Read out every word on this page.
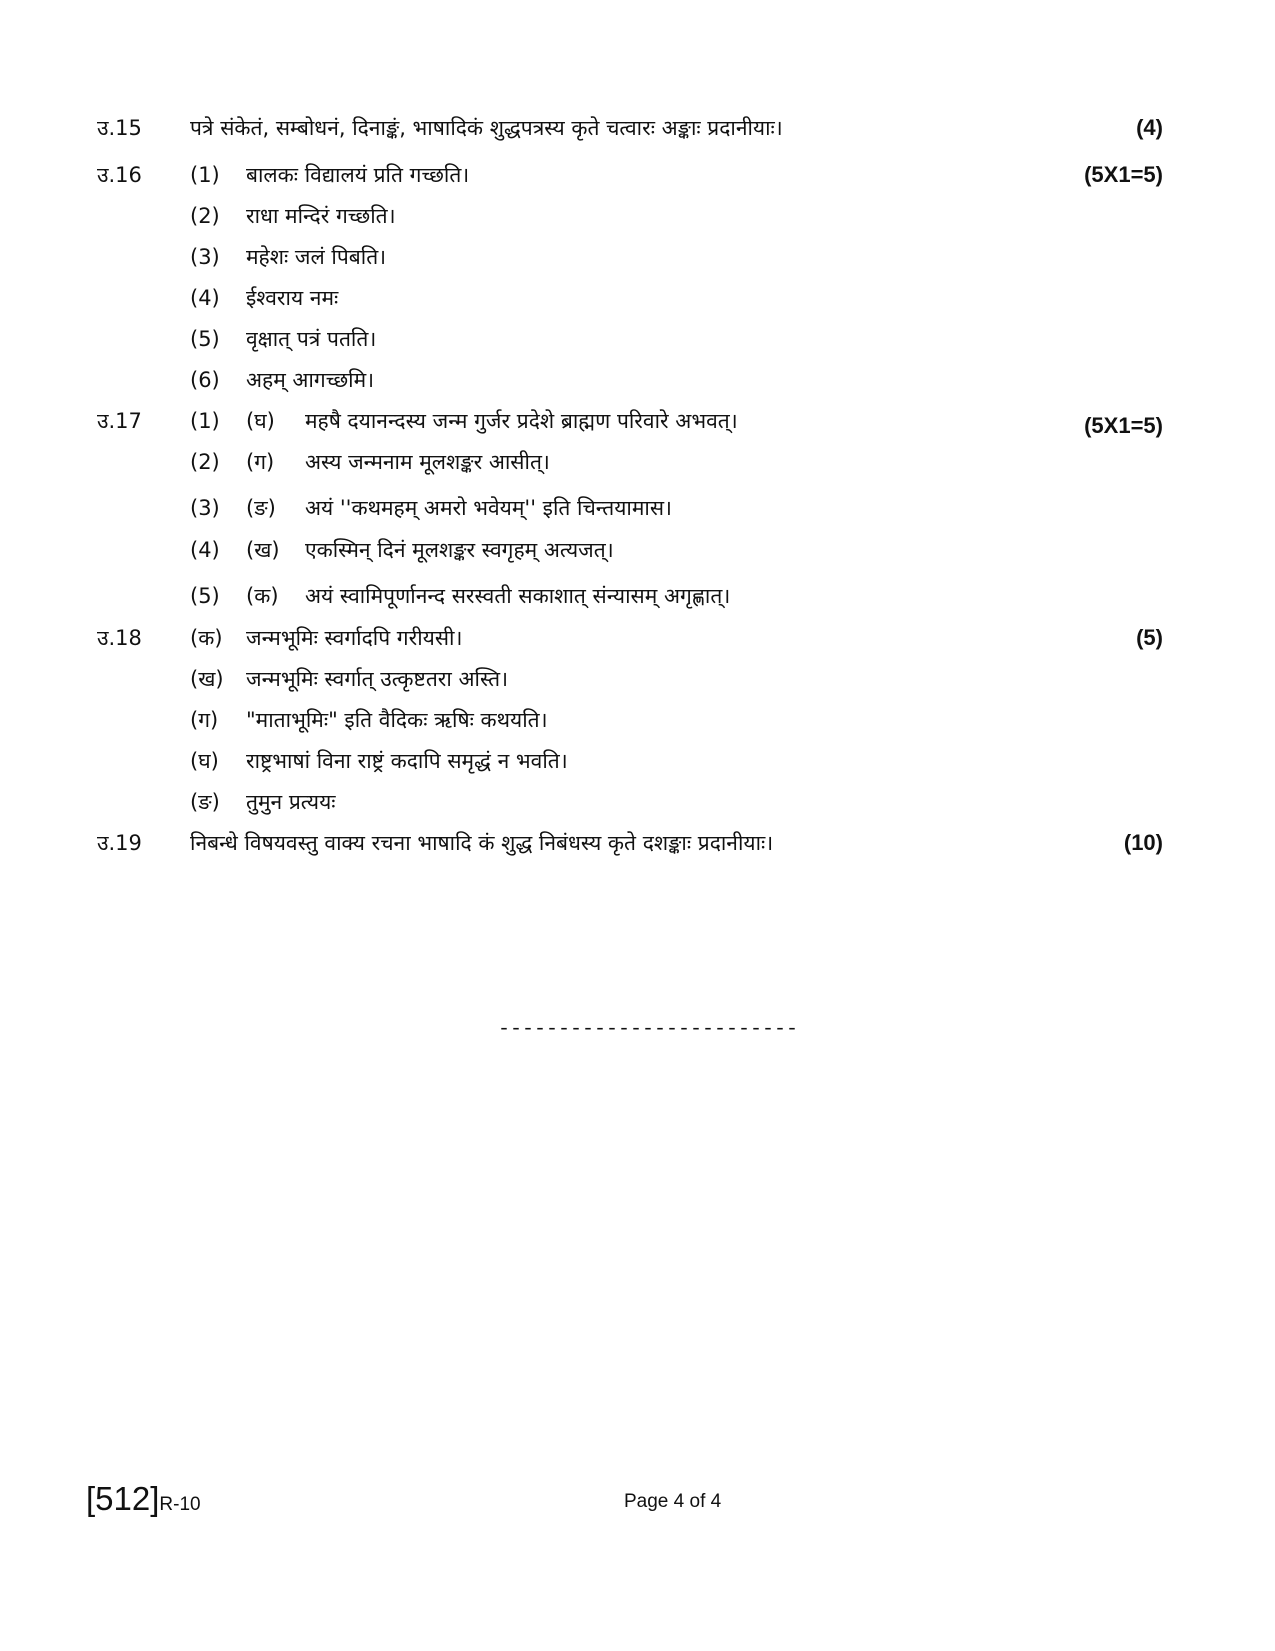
उ.15 पत्रे संकेतं, सम्बोधनं, दिनाङ्कं, भाषादिकं शुद्धपत्रस्य कृते चत्वारः अङ्काः प्रदानीयाः।	(4)
उ.16 (1) बालकः विद्यालयं प्रति गच्छति।	(5X1=5)
(2) राधा मन्दिरं गच्छति।
(3) महेशः जलं पिबति।
(4) ईश्वराय नमः
(5) वृक्षात् पत्रं पतति।
(6) अहम् आगच्छमि।
उ.17 (1) (घ) महषै दयानन्दस्य जन्म गुर्जर प्रदेशे ब्राह्मण परिवारे अभवत्।	(5X1=5)
(2) (ग) अस्य जन्मनाम मूलशङ्कर आसीत्।
(3) (ङ) अयं ''कथमहम् अमरो भवेयम्'' इति चिन्तयामास।
(4) (ख) एकस्मिन् दिनं मूलशङ्कर स्वगृहम् अत्यजत्।
(5) (क) अयं स्वामिपूर्णानन्द सरस्वती सकाशात् संन्यासम् अगृह्णात्।
उ.18 (क) जन्मभूमिः स्वर्गादपि गरीयसी।	(5)
(ख) जन्मभूमिः स्वर्गात् उत्कृष्टतरा अस्ति।
(ग) "माताभूमिः" इति वैदिकः ऋषिः कथयति।
(घ) राष्ट्रभाषां विना राष्ट्रं कदापि समृद्धं न भवति।
(ङ) तुमुन प्रत्ययः
उ.19 निबन्धे विषयवस्तु वाक्य रचना भाषादि कं शुद्ध निबंधस्य कृते दशङ्काः प्रदानीयाः।	(10)
-------------------------
[512]R-10	Page 4 of 4
